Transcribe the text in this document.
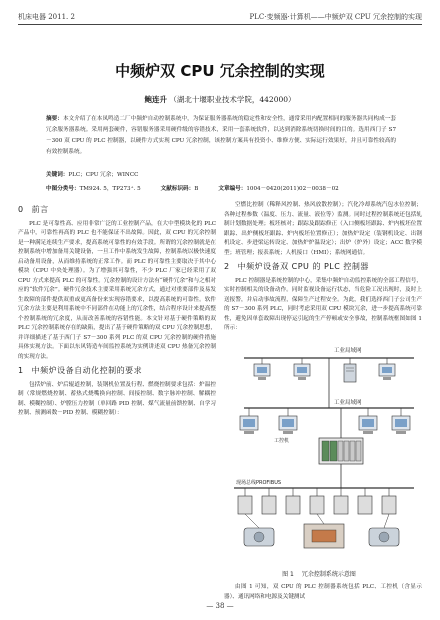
机床电器 2011. 2	PLC·变频器·计算机——中频炉双 CPU 冗余控制的实现
中频炉双 CPU 冗余控制的实现
鲍连升 （湖北十堰职业技术学院，442000）
摘要：本文介绍了在本凤鸣造二厂中频炉自动控制系统中，为保证服务器系统的稳定性和安全性，通常采用内配置相同的服务器共同构成一套冗余服务器系统。采用两套硬件，容错服务器采用硬件级的容错技术，采用一套系统软件，以达到消除系统切换时间的目的。选用西门子 S7－300 双 CPU 的 PLC 控制器，以硬件方式实现 CPU 冗余控制，该控制方案具有投资小、维修方便、实际运行效果好，并且可靠性较高的有效控制系统。
关键词：PLC；CPU 冗余；WINCC
中图分类号：TM924. 5，TP273⁺. 5	文献标识码：B	文章编号：1004－0420(2011)02－0038－02
0 前言

PLC 是可靠性高、应用非常广泛的工业控制产品，在大中型模块化的 PLC 产品中，可靠性再高的 PLC 也不能保证不出故障。因此，双 CPU 的冗余控制是一种满足连续生产要求，提高系统可靠性的有效手段。所谓的冗余控制就是在控制系统中增加备用关键设备，一旦工作中系统发生故障，控制系统以极快速度启动备用设备，从而维持系统的正常工作。而 PLC 的可靠性主要取决于其中心模块（CPU 中央处理器）。为了增强其可靠性，不少 PLC 厂家已经采用了双 CPU 方式来提高 PLC 的可靠性。冗余控制的设计方法有“硬件冗余”和与之相对应的“软件冗余”。硬件冗余技术主要采用系统冗余方式，通过对重要部件及易发生故障的部件提供双重或更高备份来实现容错要求，以提高系统的可靠性。软件冗余方法主要是利用系统中不同部件在功能上的冗余性，结合程序设计来提高整个控制系统的冗余度，从而改善系统的容错性能。本文针对基于硬件策略的双 PLC 冗余控制系统存在的缺陷，提出了基于硬件策略的双 CPU 冗余控制思想，并详细描述了基于西门子 S7－300 系列 PLC 的双 CPU 冗余控制的硬件措施具体实现方法。下面以东风铸造车间监控系统为实例讲述双 CPU 热备冗余控制的实现方法。

1 中频炉设备自动化控制的要求

包括炉前、炉后辊道控制，装钢机位置及行程、燃烧控制要求包括：炉温控制（常规燃烧控制、蓄热式烧嘴换向控制、间接控制、数字脉冲控制、解耦控制、模糊控制）、炉膛压力控制（单回路 PID 控制、煤气流量前馈控制、自学习控制、预测函数－PID 控制、模糊控制）：

空燃比控制（稀释风控制、热风放散控制）；汽化冷却系统汽包水位控制；各种过程参数（温度、压力、流量、液位等）监测。同时过程控制系统还包括轧制计划数据处理；板坯核对；跟踪及跟踪修正（入口侧板坯跟踪、炉内板坯位置跟踪、出炉侧板坯跟踪、炉内板坯位置修正）；加热炉设定（装钢机设定、出钢机设定、步进梁运转设定、加热炉炉温设定）；出炉（炉外）设定；ACC 数学模型；班管理；报表系统；人机接口（HMI）；系统网通信。

2 中频炉设备双 CPU 的 PLC 控制器

PLC 控制器是系统控制的中心，采集中频炉自动监控系统的全部工程信号，实时控制相关的设备动作。同时监视设备运行状态，当危险工况出现时，及时上送报警，并启动事故流程，保障生产过程安全。为此，我们选择西门子公司生产的 S7－300 系列 PLC，同时考虑采用双 CPU 模块冗余，进一步提高系统可靠性，避免因单套故障出现停运引起的生产停顿或安全事故，控制系统框图如图 1 所示：

工业局域网
工业局域网
工控机
现场总线PROFIBUS
图 1 冗余控制系统示意图

由图 1 可知，双 CPU 的 PLC 控制器系统包括 PLC、工控机（含显示器）、通讯网络和电源及关键测试

— 38 —
